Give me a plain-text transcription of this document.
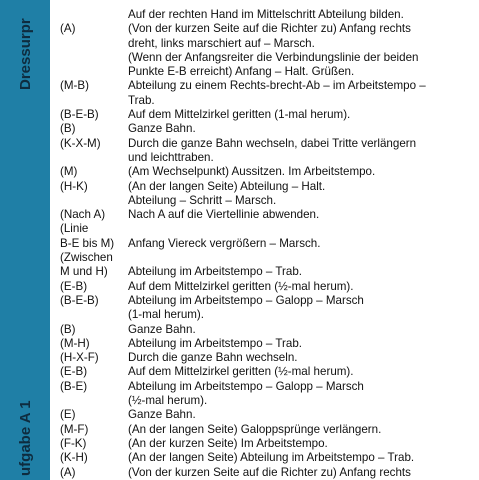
Dressurpr
ufgabe A 1
Auf der rechten Hand im Mittelschritt Abteilung bilden.
(A)	(Von der kurzen Seite auf die Richter zu) Anfang rechts
dreht, links marschiert auf – Marsch.
(Wenn der Anfangsreiter die Verbindungslinie der beiden
Punkte E-B erreicht) Anfang – Halt. Grüßen.
(M-B)	Abteilung zu einem Rechts-brecht-Ab – im Arbeitstempo –
Trab.
(B-E-B)	Auf dem Mittelzirkel geritten (1-mal herum).
(B)	Ganze Bahn.
(K-X-M)	Durch die ganze Bahn wechseln, dabei Tritte verlängern
und leichttraben.
(M)	(Am Wechselpunkt) Aussitzen. Im Arbeitstempo.
(H-K)	(An der langen Seite) Abteilung – Halt.
Abteilung – Schritt – Marsch.
(Nach A)	Nach A auf die Viertellinie abwenden.
(Linie
B-E bis M)	Anfang Viereck vergrößern – Marsch.
(Zwischen
M und H)	Abteilung im Arbeitstempo – Trab.
(E-B)	Auf dem Mittelzirkel geritten (½-mal herum).
(B-E-B)	Abteilung im Arbeitstempo – Galopp – Marsch
(1-mal herum).
(B)	Ganze Bahn.
(M-H)	Abteilung im Arbeitstempo – Trab.
(H-X-F)	Durch die ganze Bahn wechseln.
(E-B)	Auf dem Mittelzirkel geritten (½-mal herum).
(B-E)	Abteilung im Arbeitstempo – Galopp – Marsch
(½-mal herum).
(E)	Ganze Bahn.
(M-F)	(An der langen Seite) Galoppsprünge verlängern.
(F-K)	(An der kurzen Seite) Im Arbeitstempo.
(K-H)	(An der langen Seite) Abteilung im Arbeitstempo – Trab.
(A)	(Von der kurzen Seite auf die Richter zu) Anfang rechts
